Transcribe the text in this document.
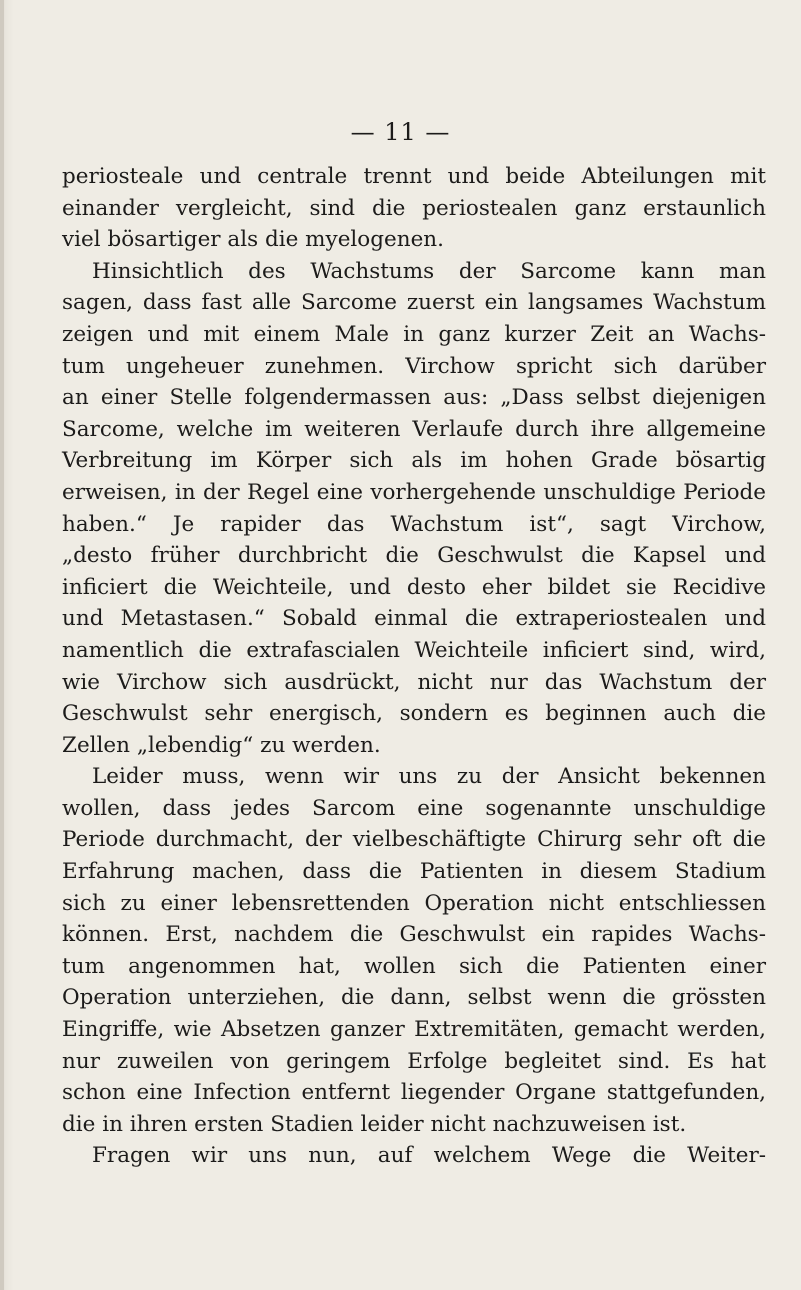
— 11 —
periosteale und centrale trennt und beide Abteilungen mit
einander vergleicht, sind die periostealen ganz erstaunlich
viel bösartiger als die myelogenen.
Hinsichtlich des Wachstums der Sarcome kann man
sagen, dass fast alle Sarcome zuerst ein langsames Wachstum
zeigen und mit einem Male in ganz kurzer Zeit an Wachs-
tum ungeheuer zunehmen. Virchow spricht sich darüber
an einer Stelle folgendermassen aus: „Dass selbst diejenigen
Sarcome, welche im weiteren Verlaufe durch ihre allgemeine
Verbreitung im Körper sich als im hohen Grade bösartig
erweisen, in der Regel eine vorhergehende unschuldige Periode
haben.“ Je rapider das Wachstum ist“, sagt Virchow,
„desto früher durchbricht die Geschwulst die Kapsel und
inficiert die Weichteile, und desto eher bildet sie Recidive
und Metastasen.“ Sobald einmal die extraperiostealen und
namentlich die extrafascialen Weichteile inficiert sind, wird,
wie Virchow sich ausdrückt, nicht nur das Wachstum der
Geschwulst sehr energisch, sondern es beginnen auch die
Zellen „lebendig“ zu werden.
Leider muss, wenn wir uns zu der Ansicht bekennen
wollen, dass jedes Sarcom eine sogenannte unschuldige
Periode durchmacht, der vielbeschäftigte Chirurg sehr oft die
Erfahrung machen, dass die Patienten in diesem Stadium
sich zu einer lebensrettenden Operation nicht entschliessen
können. Erst, nachdem die Geschwulst ein rapides Wachs-
tum angenommen hat, wollen sich die Patienten einer
Operation unterziehen, die dann, selbst wenn die grössten
Eingriffe, wie Absetzen ganzer Extremitäten, gemacht werden,
nur zuweilen von geringem Erfolge begleitet sind. Es hat
schon eine Infection entfernt liegender Organe stattgefunden,
die in ihren ersten Stadien leider nicht nachzuweisen ist.
Fragen wir uns nun, auf welchem Wege die Weiter-
